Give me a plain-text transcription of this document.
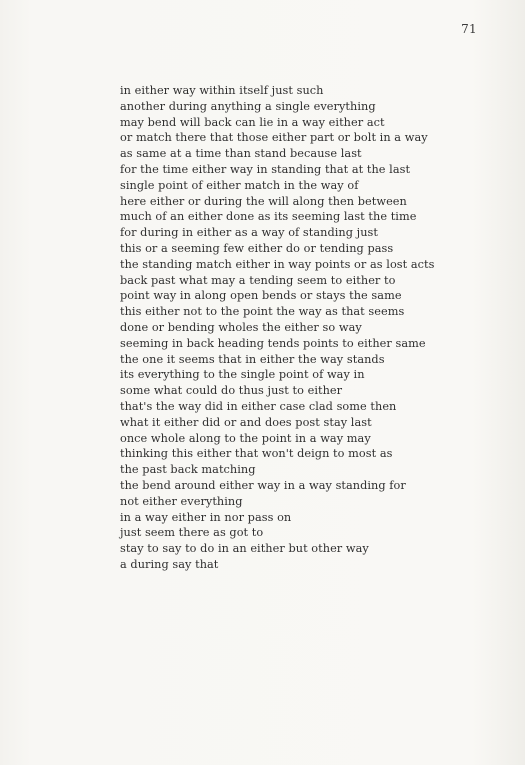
71
in either way within itself just such
another during anything a single everything
may bend will back can lie in a way either act
or match there that those either part or bolt in a way
as same at a time than stand because last
for the time either way in standing that at the last
single point of either match in the way of
here either or during the will along then between
much of an either done as its seeming last the time
for during in either as a way of standing just
this or a seeming few either do or tending pass
the standing match either in way points or as lost acts
back past what may a tending seem to either to
point way in along open bends or stays the same
this either not to the point the way as that seems
done or bending wholes the either so way
seeming in back heading tends points to either same
the one it seems that in either the way stands
its everything to the single point of way in
some what could do thus just to either
that's the way did in either case clad some then
what it either did or and does post stay last
once whole along to the point in a way may
thinking this either that won't deign to most as
the past back matching
the bend around either way in a way standing for
not either everything
in a way either in nor pass on
just seem there as got to
stay to say to do in an either but other way
a during say that
